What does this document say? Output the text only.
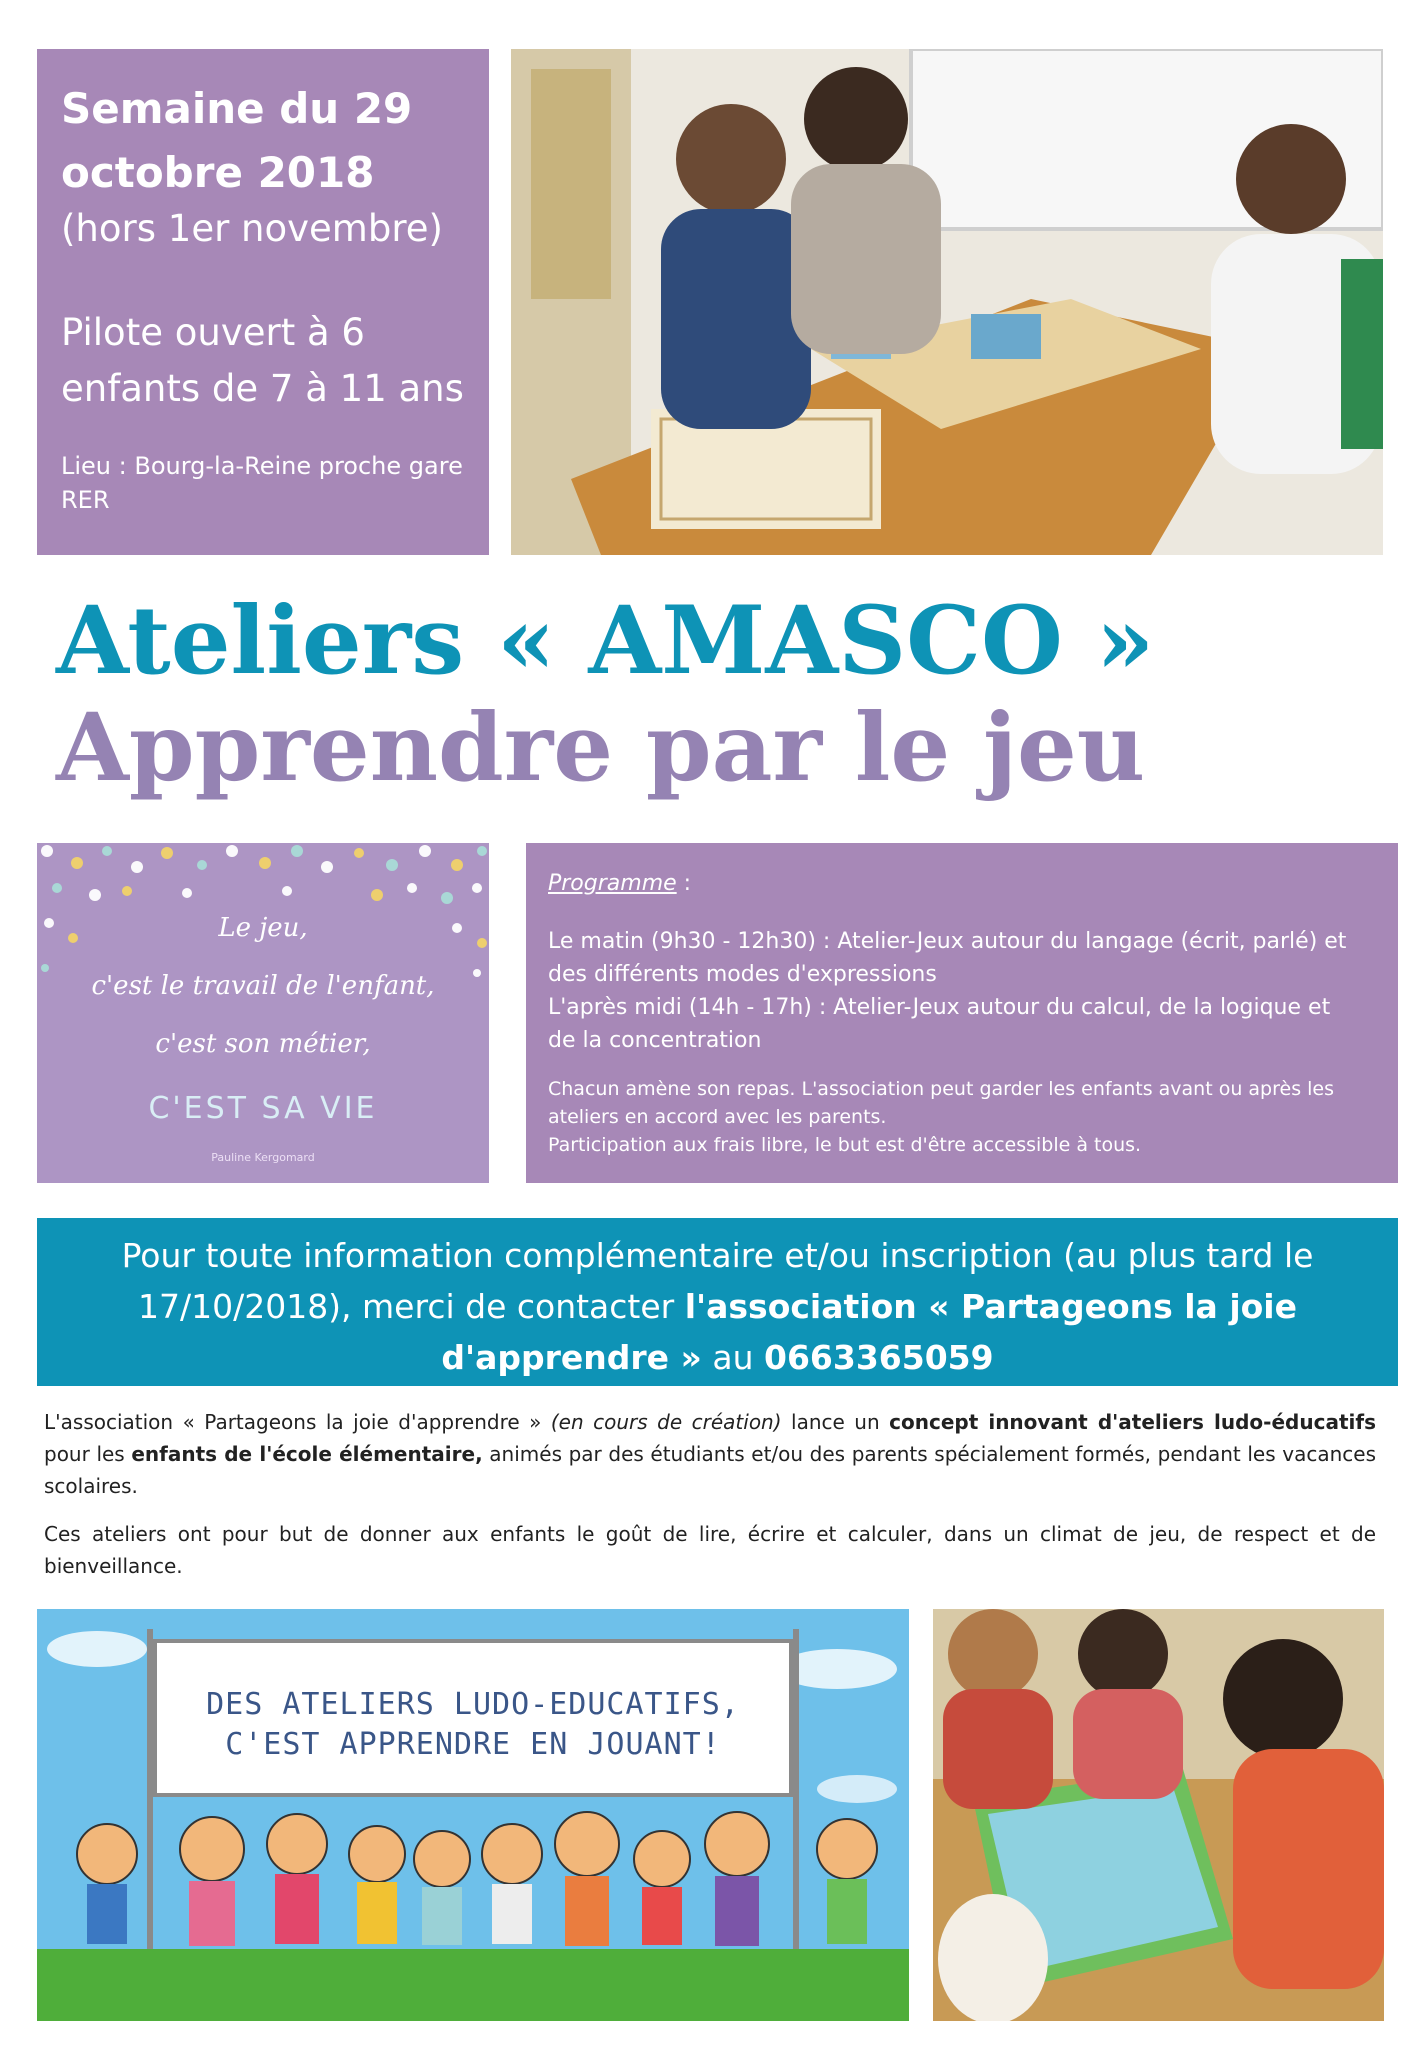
Semaine du 29
octobre 2018
(hors 1er novembre)
Pilote ouvert à 6
enfants de 7 à 11 ans
Lieu : Bourg-la-Reine proche gare
RER
Ateliers « AMASCO »
Apprendre par le jeu
Le jeu,
c'est le travail de l'enfant,
c'est son métier,
C'EST SA VIE
Pauline Kergomard
Programme :
Le matin (9h30 - 12h30) : Atelier-Jeux autour du langage (écrit, parlé) et
des différents modes d'expressions
L'après midi (14h - 17h) : Atelier-Jeux autour du calcul, de la logique et
de la concentration
Chacun amène son repas. L'association peut garder les enfants avant ou après les
ateliers en accord avec les parents.
Participation aux frais libre, le but est d'être accessible à tous.
Pour toute information complémentaire et/ou inscription (au plus tard le 17/10/2018), merci de contacter l'association « Partageons la joie d'apprendre » au 0663365059
L'association « Partageons la joie d'apprendre » (en cours de création) lance un concept innovant d'ateliers ludo-éducatifs pour les enfants de l'école élémentaire, animés par des étudiants et/ou des parents spécialement formés, pendant les vacances scolaires.
Ces ateliers ont pour but de donner aux enfants le goût de lire, écrire et calculer, dans un climat de jeu, de respect et de bienveillance.
DES ATELIERS LUDO-EDUCATIFS,
C'EST APPRENDRE EN JOUANT!
